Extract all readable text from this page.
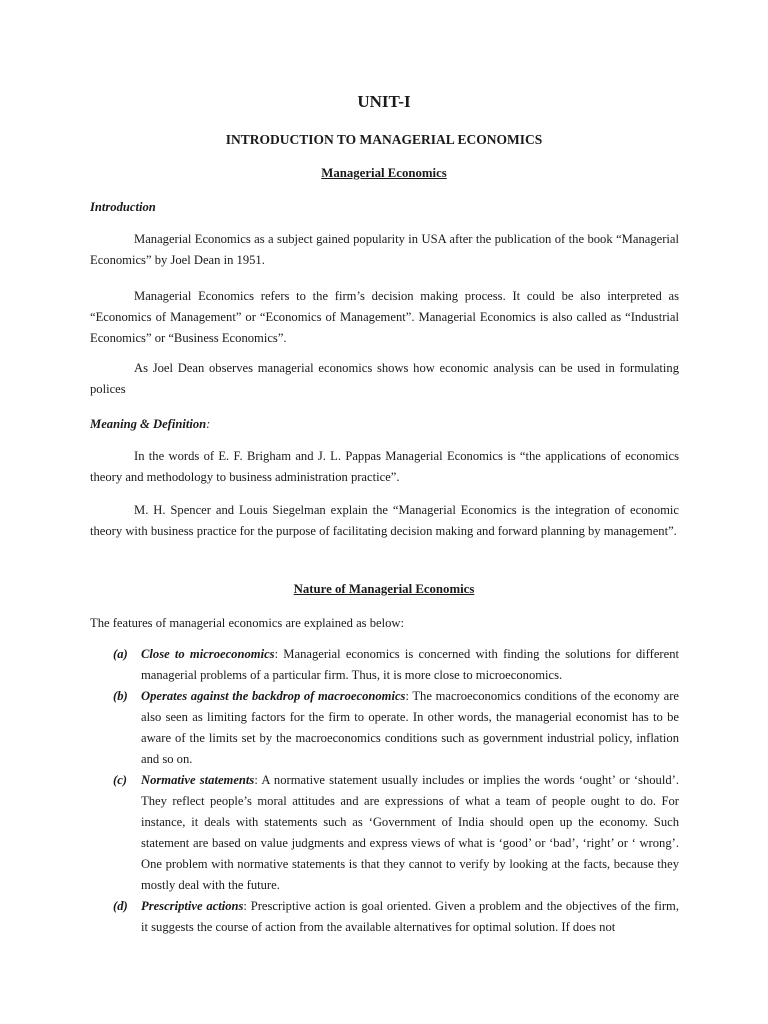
UNIT-I
INTRODUCTION TO MANAGERIAL ECONOMICS
Managerial Economics
Introduction

Managerial Economics as a subject gained popularity in USA after the publication of the book “Managerial Economics” by Joel Dean in 1951.

Managerial Economics refers to the firm’s decision making process. It could be also interpreted as “Economics of Management” or “Economics of Management”. Managerial Economics is also called as “Industrial Economics” or “Business Economics”.

As Joel Dean observes managerial economics shows how economic analysis can be used in formulating polices

Meaning & Definition:

In the words of E. F. Brigham and J. L. Pappas Managerial Economics is “the applications of economics theory and methodology to business administration practice”.

M. H. Spencer and Louis Siegelman explain the “Managerial Economics is the integration of economic theory with business practice for the purpose of facilitating decision making and forward planning by management”.

Nature of Managerial Economics

The features of managerial economics are explained as below:

(a) Close to microeconomics: Managerial economics is concerned with finding the solutions for different managerial problems of a particular firm. Thus, it is more close to microeconomics.
(b) Operates against the backdrop of macroeconomics: The macroeconomics conditions of the economy are also seen as limiting factors for the firm to operate. In other words, the managerial economist has to be aware of the limits set by the macroeconomics conditions such as government industrial policy, inflation and so on.
(c) Normative statements: A normative statement usually includes or implies the words ‘ought’ or ‘should’. They reflect people’s moral attitudes and are expressions of what a team of people ought to do. For instance, it deals with statements such as ‘Government of India should open up the economy. Such statement are based on value judgments and express views of what is ‘good’ or ‘bad’, ‘right’ or ‘ wrong’. One problem with normative statements is that they cannot to verify by looking at the facts, because they mostly deal with the future.
(d) Prescriptive actions: Prescriptive action is goal oriented. Given a problem and the objectives of the firm, it suggests the course of action from the available alternatives for optimal solution. If does not
